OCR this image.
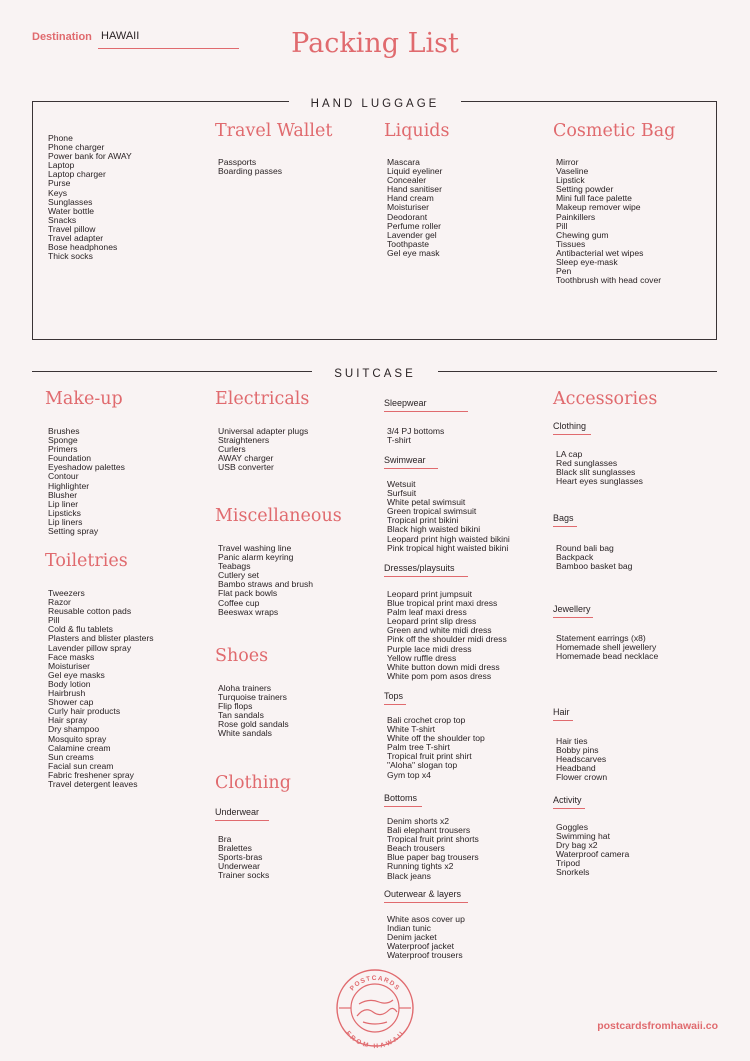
Destination HAWAII	Packing List
HAND LUGGAGE
Phone
Phone charger
Power bank for AWAY
Laptop
Laptop charger
Purse
Keys
Sunglasses
Water bottle
Snacks
Travel pillow
Travel adapter
Bose headphones
Thick socks
Travel Wallet
Passports
Boarding passes
Liquids
Mascara
Liquid eyeliner
Concealer
Hand sanitiser
Hand cream
Moisturiser
Deodorant
Perfume roller
Lavender gel
Toothpaste
Gel eye mask
Cosmetic Bag
Mirror
Vaseline
Lipstick
Setting powder
Mini full face palette
Makeup remover wipe
Painkillers
Pill
Chewing gum
Tissues
Antibacterial wet wipes
Sleep eye-mask
Pen
Toothbrush with head cover
SUITCASE
Make-up
Brushes
Sponge
Primers
Foundation
Eyeshadow palettes
Contour
Highlighter
Blusher
Lip liner
Lipsticks
Lip liners
Setting spray
Toiletries
Tweezers
Razor
Reusable cotton pads
Pill
Cold & flu tablets
Plasters and blister plasters
Lavender pillow spray
Face masks
Moisturiser
Gel eye masks
Body lotion
Hairbrush
Shower cap
Curly hair products
Hair spray
Dry shampoo
Mosquito spray
Calamine cream
Sun creams
Facial sun cream
Fabric freshener spray
Travel detergent leaves
Electricals
Universal adapter plugs
Straighteners
Curlers
AWAY charger
USB converter
Miscellaneous
Travel washing line
Panic alarm keyring
Teabags
Cutlery set
Bambo straws and brush
Flat pack bowls
Coffee cup
Beeswax wraps
Shoes
Aloha trainers
Turquoise trainers
Flip flops
Tan sandals
Rose gold sandals
White sandals
Clothing
Underwear
Bra
Bralettes
Sports-bras
Underwear
Trainer socks
Sleepwear
3/4 PJ bottoms
T-shirt
Swimwear
Wetsuit
Surfsuit
White petal swimsuit
Green tropical swimsuit
Tropical print bikini
Black high waisted bikini
Leopard print high waisted bikini
Pink tropical hight waisted bikini
Dresses/playsuits
Leopard print jumpsuit
Blue tropical print maxi dress
Palm leaf maxi dress
Leopard print slip dress
Green and white midi dress
Pink off the shoulder midi dress
Purple lace midi dress
Yellow ruffle dress
White button down midi dress
White pom pom asos dress
Tops
Bali crochet crop top
White T-shirt
White off the shoulder top
Palm tree T-shirt
Tropical fruit print shirt
"Aloha" slogan top
Gym top x4
Bottoms
Denim shorts x2
Bali elephant trousers
Tropical fruit print shorts
Beach trousers
Blue paper bag trousers
Running tights x2
Black jeans
Outerwear & layers
White asos cover up
Indian tunic
Denim jacket
Waterproof jacket
Waterproof trousers
Accessories
Clothing
LA cap
Red sunglasses
Black slit sunglasses
Heart eyes sunglasses
Bags
Round bali bag
Backpack
Bamboo basket bag
Jewellery
Statement earrings (x8)
Homemade shell jewellery
Homemade bead necklace
Hair
Hair ties
Bobby pins
Headscarves
Headband
Flower crown
Activity
Goggles
Swimming hat
Dry bag x2
Waterproof camera
Tripod
Snorkels
POSTCARDS
FROM HAWAII
postcardsfromhawaii.co
